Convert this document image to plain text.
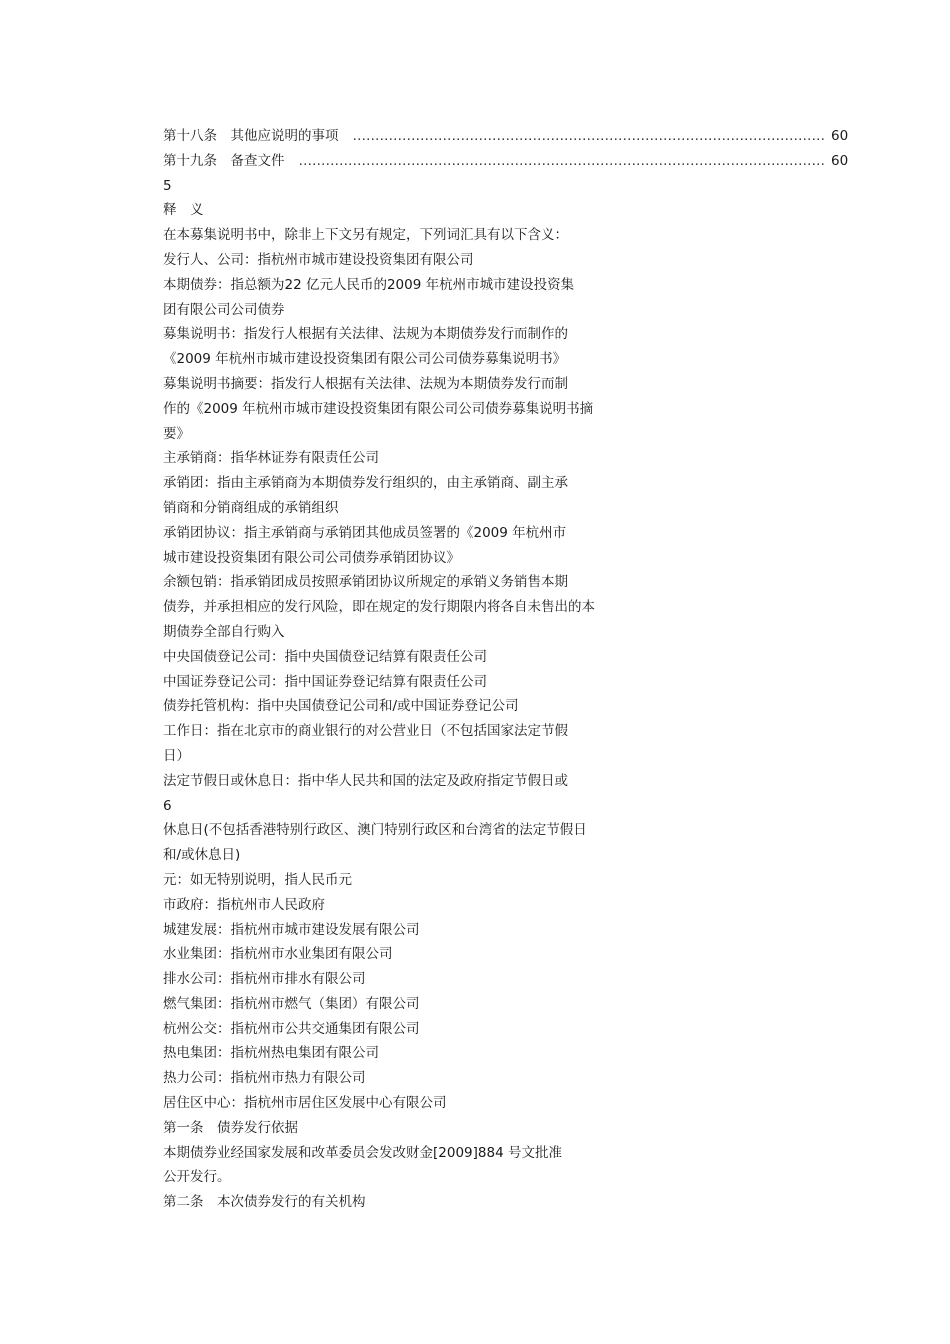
第十八条　其他应说明的事项 …………………………………………………………………………………………… 60
第十九条　备查文件 ……………………………………………………………………………………………………… 60
5
释　义
在本募集说明书中，除非上下文另有规定，下列词汇具有以下含义：
发行人、公司：指杭州市城市建设投资集团有限公司
本期债券：指总额为22 亿元人民币的2009 年杭州市城市建设投资集
团有限公司公司债券
募集说明书：指发行人根据有关法律、法规为本期债券发行而制作的
《2009 年杭州市城市建设投资集团有限公司公司债券募集说明书》
募集说明书摘要：指发行人根据有关法律、法规为本期债券发行而制
作的《2009 年杭州市城市建设投资集团有限公司公司债券募集说明书摘
要》
主承销商：指华林证券有限责任公司
承销团：指由主承销商为本期债券发行组织的，由主承销商、副主承
销商和分销商组成的承销组织
承销团协议：指主承销商与承销团其他成员签署的《2009 年杭州市
城市建设投资集团有限公司公司债券承销团协议》
余额包销：指承销团成员按照承销团协议所规定的承销义务销售本期
债券，并承担相应的发行风险，即在规定的发行期限内将各自未售出的本
期债券全部自行购入
中央国债登记公司：指中央国债登记结算有限责任公司
中国证券登记公司：指中国证券登记结算有限责任公司
债券托管机构：指中央国债登记公司和/或中国证券登记公司
工作日：指在北京市的商业银行的对公营业日（不包括国家法定节假
日）
法定节假日或休息日：指中华人民共和国的法定及政府指定节假日或
6
休息日(不包括香港特别行政区、澳门特别行政区和台湾省的法定节假日
和/或休息日)
元：如无特别说明，指人民币元
市政府：指杭州市人民政府
城建发展：指杭州市城市建设发展有限公司
水业集团：指杭州市水业集团有限公司
排水公司：指杭州市排水有限公司
燃气集团：指杭州市燃气（集团）有限公司
杭州公交：指杭州市公共交通集团有限公司
热电集团：指杭州热电集团有限公司
热力公司：指杭州市热力有限公司
居住区中心：指杭州市居住区发展中心有限公司
第一条　债券发行依据
本期债券业经国家发展和改革委员会发改财金[2009]884 号文批准
公开发行。
第二条　本次债券发行的有关机构
